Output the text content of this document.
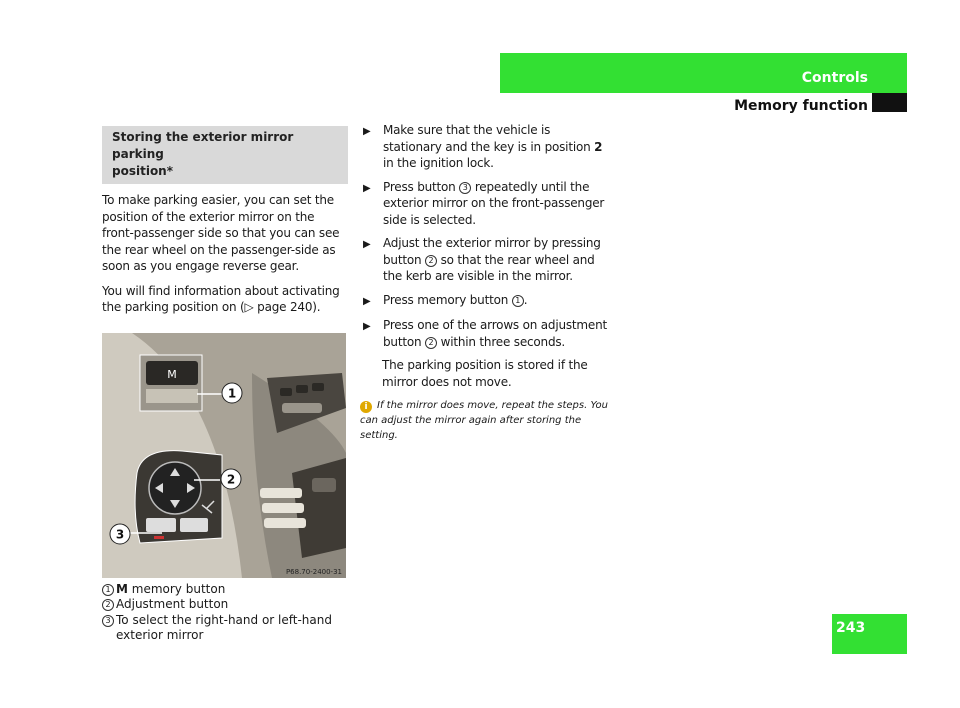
Controls
Memory function
243
Storing the exterior mirror parking
position*

To make parking easier, you can set the position of the exterior mirror on the front-passenger side so that you can see the rear wheel on the passenger-side as soon as you engage reverse gear.

You will find information about activating the parking position on (▷ page 240).

M
1
2
3
P68.70-2400-31
1 M memory button
2 Adjustment button
3 To select the right-hand or left-hand exterior mirror
▶	Make sure that the vehicle is stationary and the key is in position 2 in the ignition lock.
▶	Press button 3 repeatedly until the exterior mirror on the front-passenger side is selected.
▶	Adjust the exterior mirror by pressing button 2 so that the rear wheel and the kerb are visible in the mirror.
▶	Press memory button 1 .
▶	Press one of the arrows on adjustment button 2 within three seconds.
The parking position is stored if the mirror does not move.
i If the mirror does move, repeat the steps. You can adjust the mirror again after storing the setting.
